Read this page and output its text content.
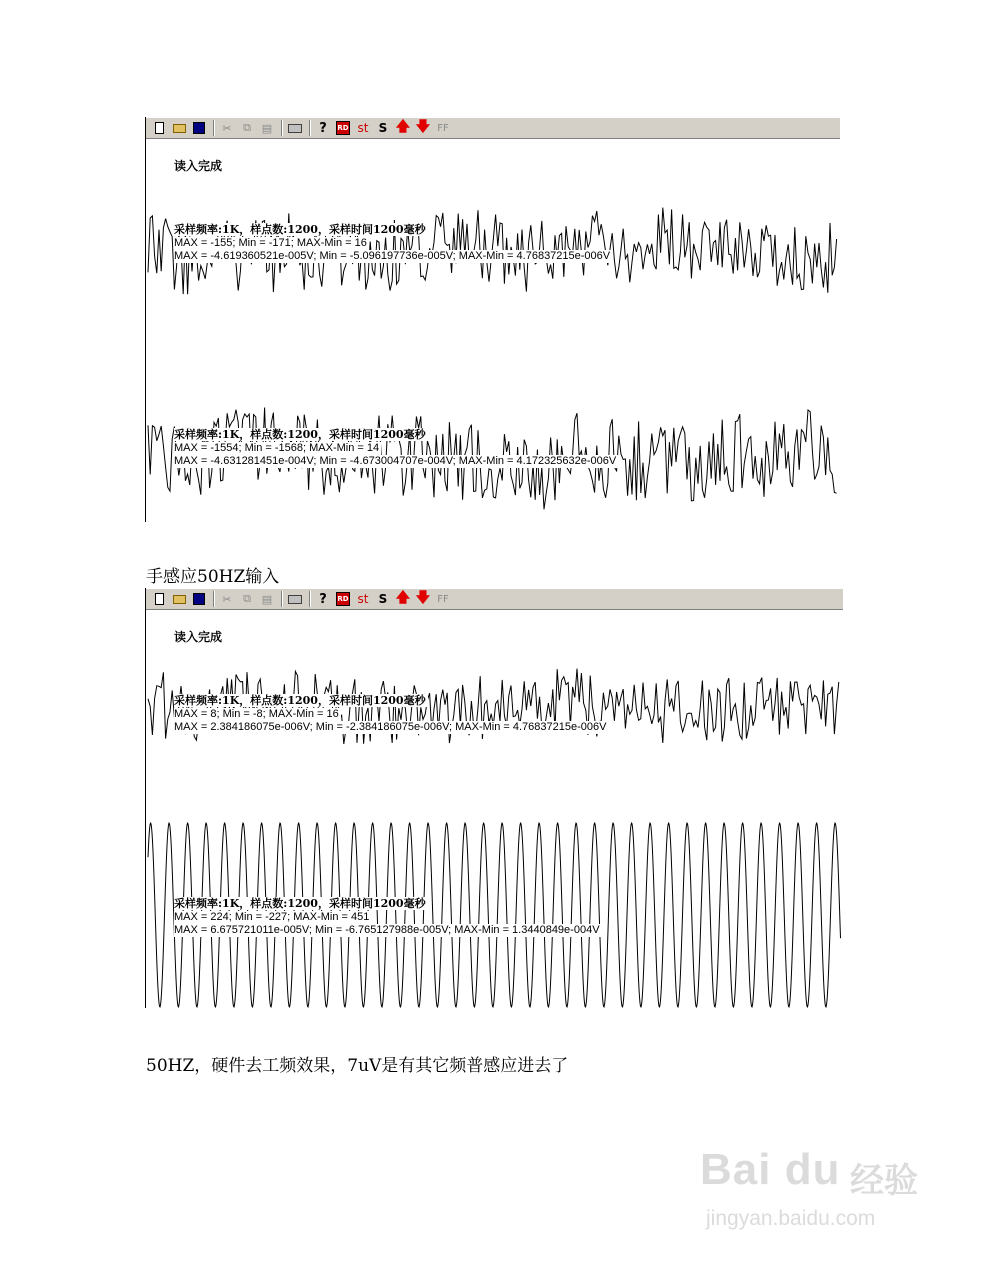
✂ ⧉ ▤	? RD st S 🡅 🡇 FF
读入完成
采样频率:1K，样点数:1200，采样时间1200毫秒
MAX = -155; Min = -171; MAX-Min = 16
MAX = -4.619360521e-005V; Min = -5.096197736e-005V; MAX-Min = 4.76837215e-006V
采样频率:1K，样点数:1200，采样时间1200毫秒
MAX = -1554; Min = -1568; MAX-Min = 14
MAX = -4.631281451e-004V; Min = -4.673004707e-004V; MAX-Min = 4.172325632e-006V
手感应50HZ输入
✂ ⧉ ▤	? RD st S 🡅 🡇 FF
读入完成
采样频率:1K，样点数:1200，采样时间1200毫秒
MAX = 8; Min = -8; MAX-Min = 16
MAX = 2.384186075e-006V; Min = -2.384186075e-006V; MAX-Min = 4.76837215e-006V
采样频率:1K，样点数:1200，采样时间1200毫秒
MAX = 224; Min = -227; MAX-Min = 451
MAX = 6.675721011e-005V; Min = -6.765127988e-005V; MAX-Min = 1.3440849e-004V
50HZ，硬件去工频效果，7uV是有其它频普感应进去了
Bai du 经验
jingyan.baidu.com
